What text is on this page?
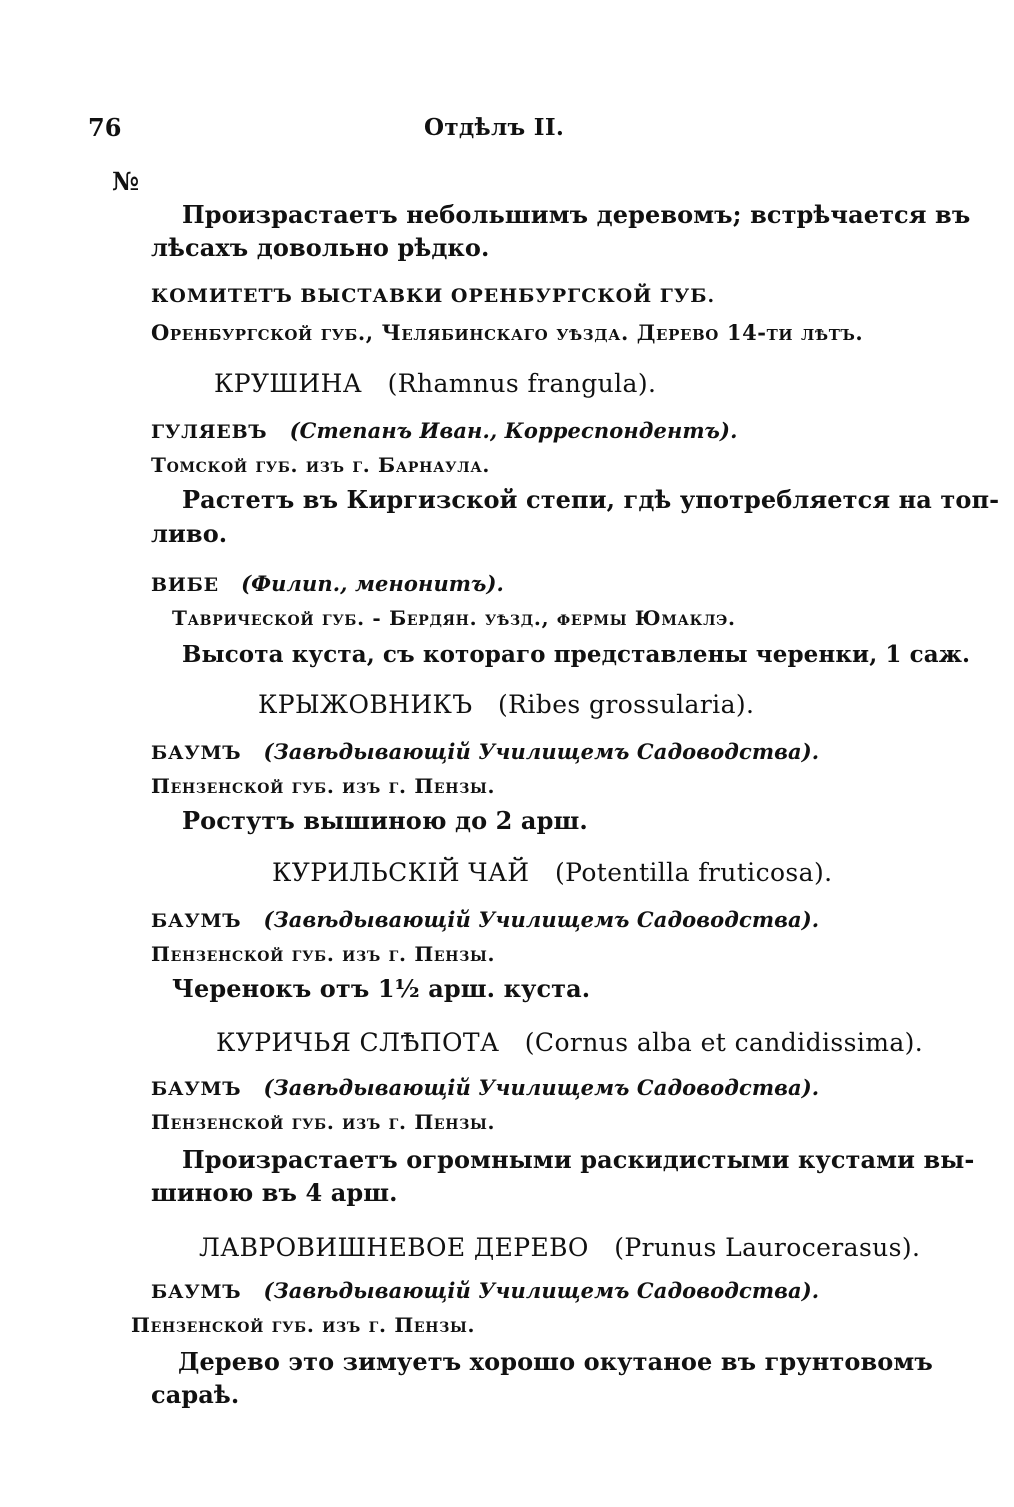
76	Отдѣлъ II.
№
Произрастаетъ небольшимъ деревомъ; встрѣчается въ
лѣсахъ довольно рѣдко.
КОМИТЕТЪ ВЫСТАВКИ ОРЕНБУРГСКОЙ ГУБ.
Оренбургской губ., Челябинскаго уѣзда. Дерево 14-ти лѣтъ.
КРУШИНА (Rhamnus frangula).
ГУЛЯЕВЪ (Степанъ Иван., Корреспондентъ).
Томской губ. изъ г. Барнаула.
Растетъ въ Киргизской степи, гдѣ употребляется на топ-
ливо.
ВИБЕ (Филип., менонитъ).
Таврической губ. - Бердян. уѣзд., фермы Юмаклэ.
Высота куста, съ котораго представлены черенки, 1 саж.
КРЫЖОВНИКЪ (Ribes grossularia).
БАУМЪ (Завѣдывающій Училищемъ Садоводства).
Пензенской губ. изъ г. Пензы.
Ростутъ вышиною до 2 арш.
КУРИЛЬСКІЙ ЧАЙ (Potentilla fruticosa).
БАУМЪ (Завѣдывающій Училищемъ Садоводства).
Пензенской губ. изъ г. Пензы.
Черенокъ отъ 1½ арш. куста.
КУРИЧЬЯ СЛѢПОТА (Cornus alba et candidissima).
БАУМЪ (Завѣдывающій Училищемъ Садоводства).
Пензенской губ. изъ г. Пензы.
Произрастаетъ огромными раскидистыми кустами вы-
шиною въ 4 арш.
ЛАВРОВИШНЕВОЕ ДЕРЕВО (Prunus Laurocerasus).
БАУМЪ (Завѣдывающій Училищемъ Садоводства).
Пензенской губ. изъ г. Пензы.
Дерево это зимуетъ хорошо окутаное въ грунтовомъ
сараѣ.
